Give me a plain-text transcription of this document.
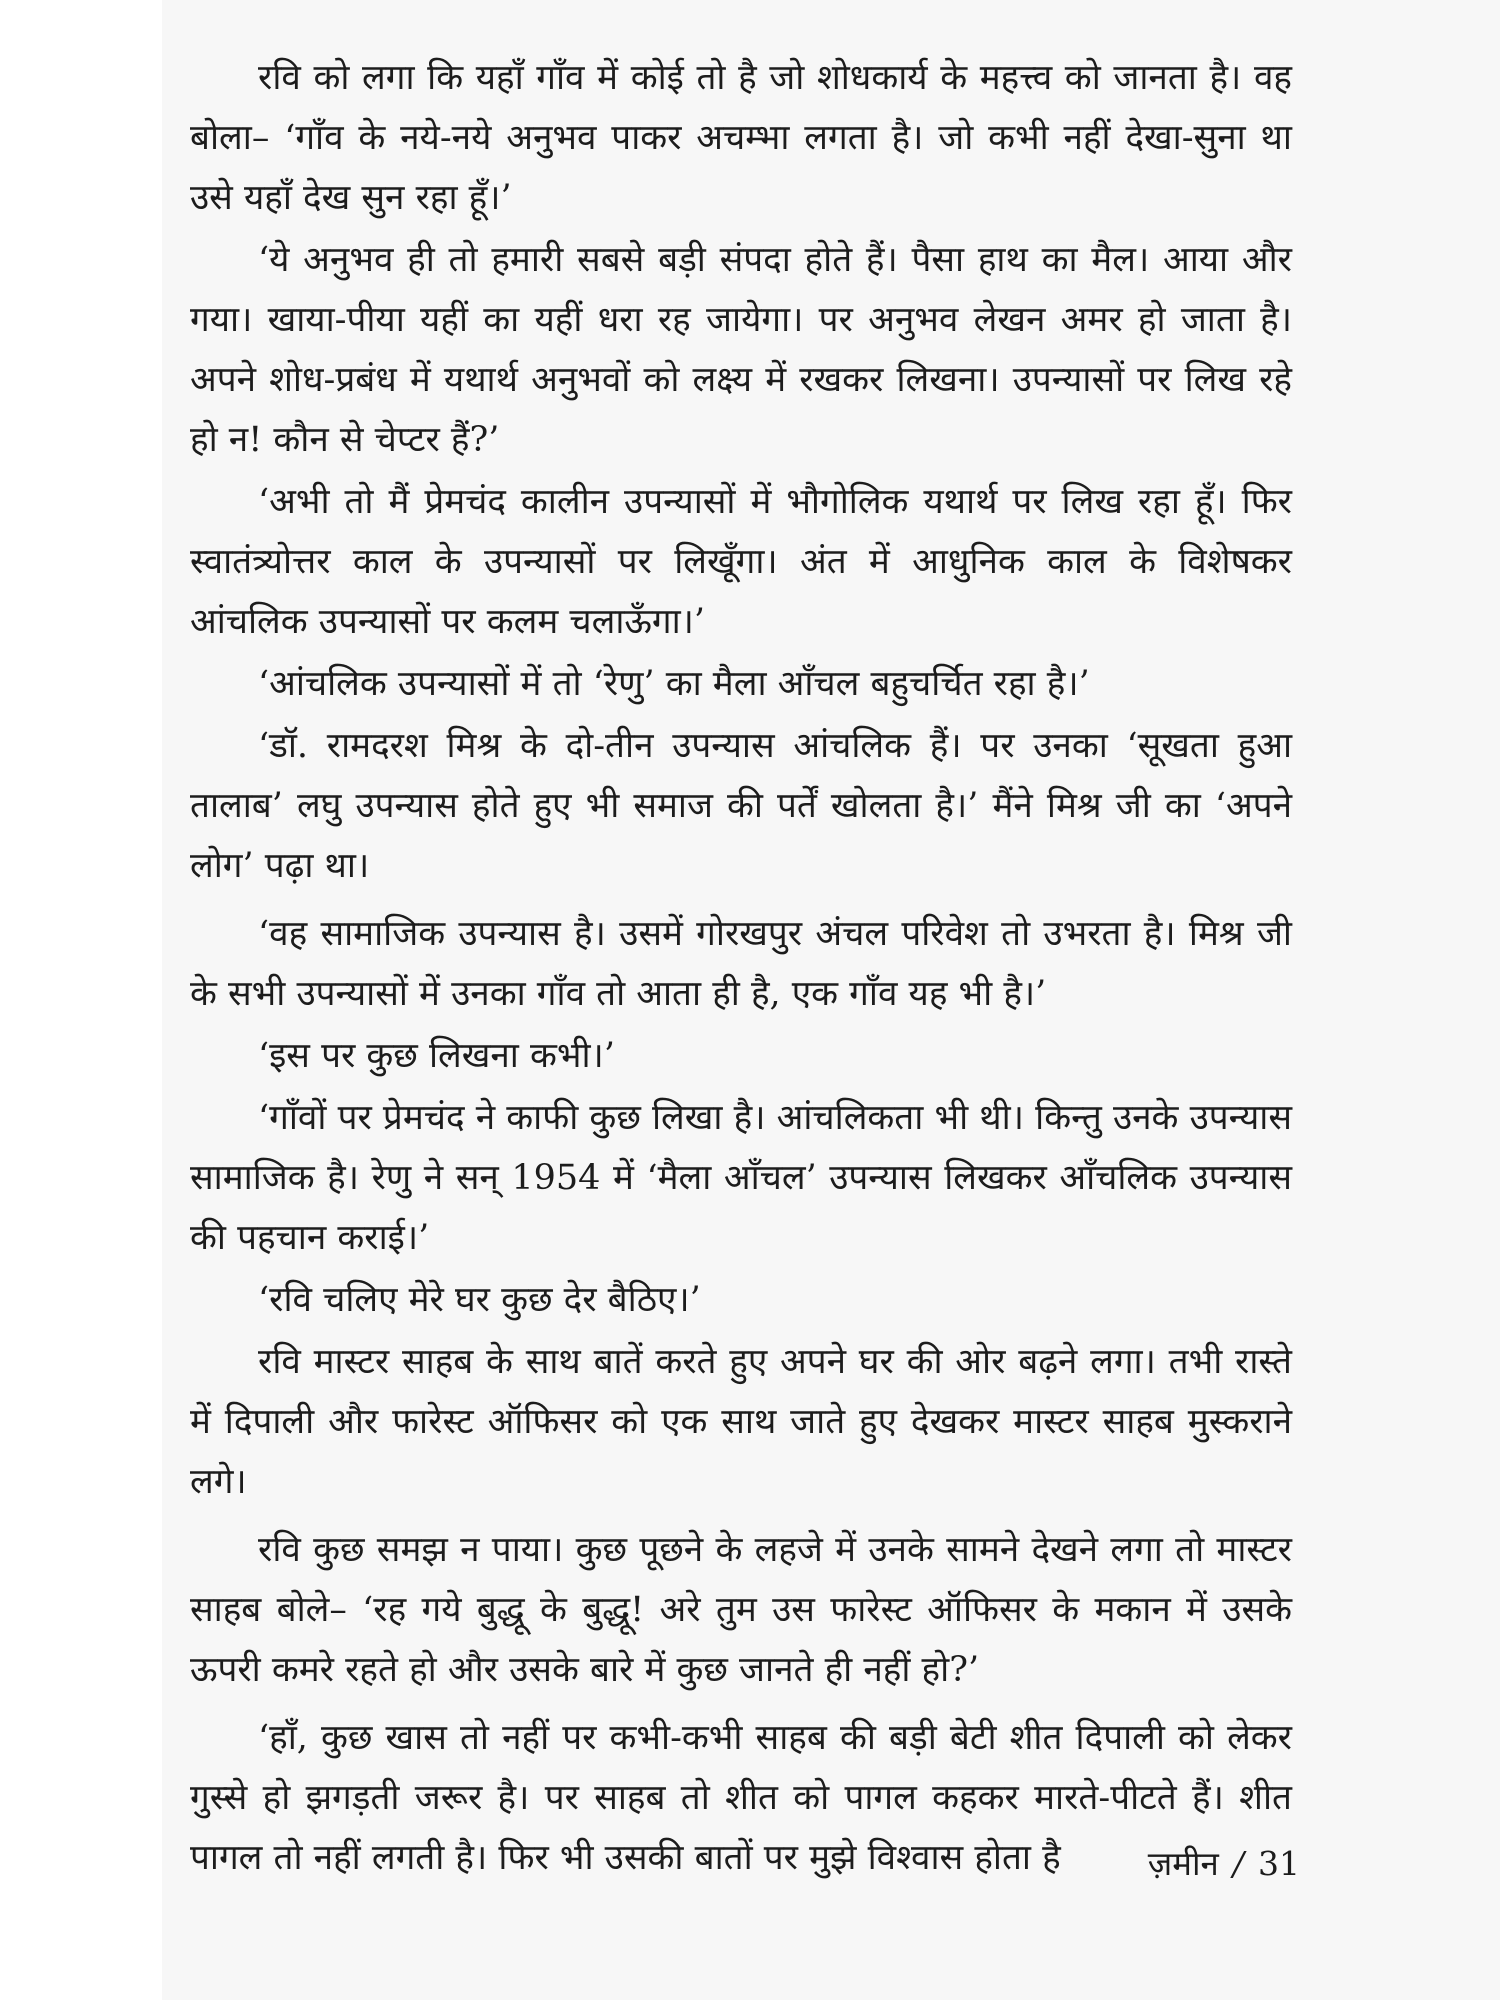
रवि को लगा कि यहाँ गाँव में कोई तो है जो शोधकार्य के महत्त्व को जानता है। वह बोला– ‘गाँव के नये-नये अनुभव पाकर अचम्भा लगता है। जो कभी नहीं देखा-सुना था उसे यहाँ देख सुन रहा हूँ।’

‘ये अनुभव ही तो हमारी सबसे बड़ी संपदा होते हैं। पैसा हाथ का मैल। आया और गया। खाया-पीया यहीं का यहीं धरा रह जायेगा। पर अनुभव लेखन अमर हो जाता है। अपने शोध-प्रबंध में यथार्थ अनुभवों को लक्ष्य में रखकर लिखना। उपन्यासों पर लिख रहे हो न! कौन से चेप्टर हैं?’

‘अभी तो मैं प्रेमचंद कालीन उपन्यासों में भौगोलिक यथार्थ पर लिख रहा हूँ। फिर स्वातंत्र्योत्तर काल के उपन्यासों पर लिखूँगा। अंत में आधुनिक काल के विशेषकर आंचलिक उपन्यासों पर कलम चलाऊँगा।’

‘आंचलिक उपन्यासों में तो ‘रेणु’ का मैला आँचल बहुचर्चित रहा है।’

‘डॉ. रामदरश मिश्र के दो-तीन उपन्यास आंचलिक हैं। पर उनका ‘सूखता हुआ तालाब’ लघु उपन्यास होते हुए भी समाज की पर्तें खोलता है।’ मैंने मिश्र जी का ‘अपने लोग’ पढ़ा था।

‘वह सामाजिक उपन्यास है। उसमें गोरखपुर अंचल परिवेश तो उभरता है। मिश्र जी के सभी उपन्यासों में उनका गाँव तो आता ही है, एक गाँव यह भी है।’

‘इस पर कुछ लिखना कभी।’

‘गाँवों पर प्रेमचंद ने काफी कुछ लिखा है। आंचलिकता भी थी। किन्तु उनके उपन्यास सामाजिक है। रेणु ने सन् 1954 में ‘मैला आँचल’ उपन्यास लिखकर आँचलिक उपन्यास की पहचान कराई।’

‘रवि चलिए मेरे घर कुछ देर बैठिए।’

रवि मास्टर साहब के साथ बातें करते हुए अपने घर की ओर बढ़ने लगा। तभी रास्ते में दिपाली और फारेस्ट ऑफिसर को एक साथ जाते हुए देखकर मास्टर साहब मुस्कराने लगे।

रवि कुछ समझ न पाया। कुछ पूछने के लहजे में उनके सामने देखने लगा तो मास्टर साहब बोले– ‘रह गये बुद्धू के बुद्धू! अरे तुम उस फारेस्ट ऑफिसर के मकान में उसके ऊपरी कमरे रहते हो और उसके बारे में कुछ जानते ही नहीं हो?’

‘हाँ, कुछ खास तो नहीं पर कभी-कभी साहब की बड़ी बेटी शीत दिपाली को लेकर गुस्से हो झगड़ती जरूर है। पर साहब तो शीत को पागल कहकर मारते-पीटते हैं। शीत पागल तो नहीं लगती है। फिर भी उसकी बातों पर मुझे विश्वास होता है	ज़मीन / 31
